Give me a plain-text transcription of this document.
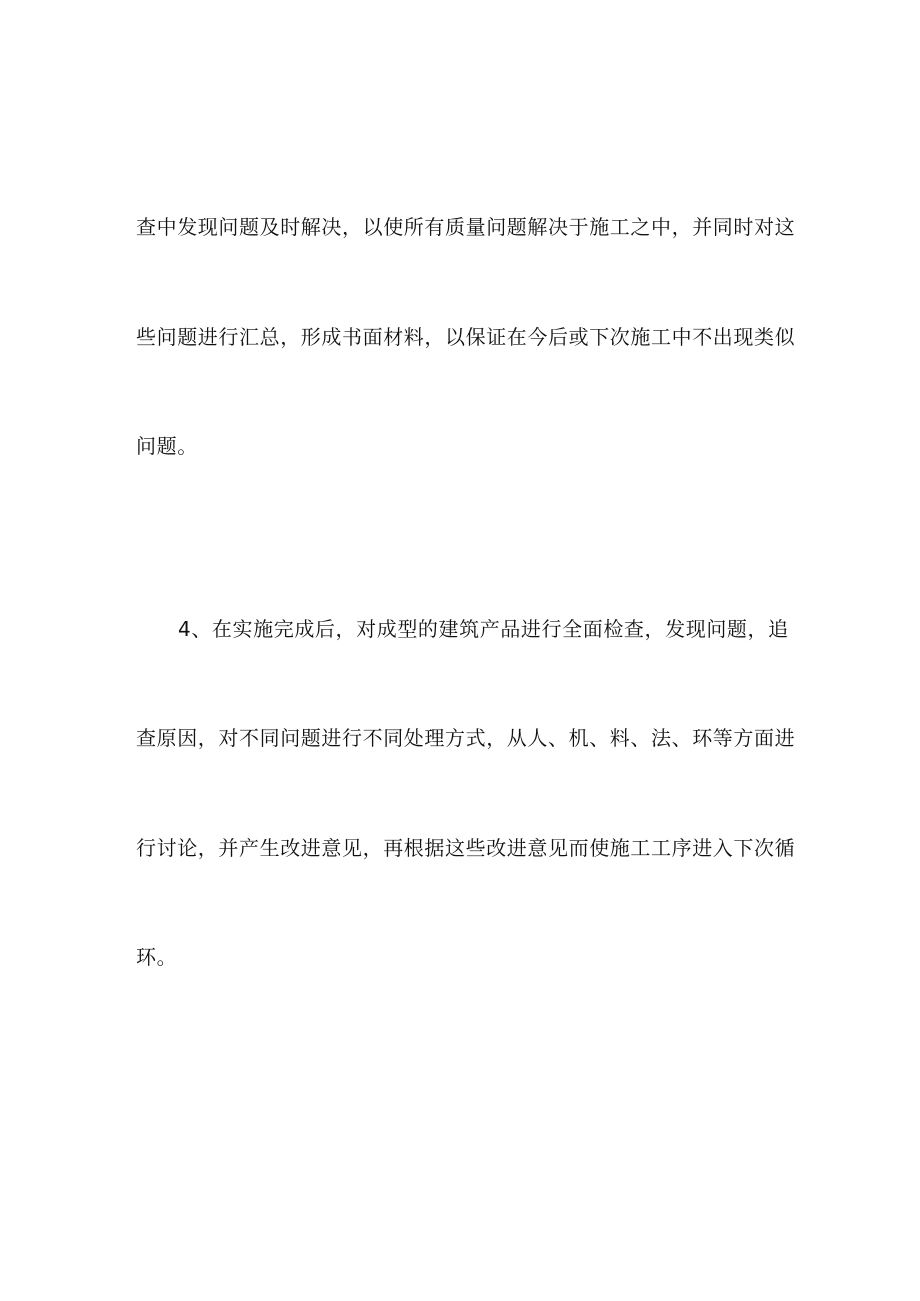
查中发现问题及时解决，以使所有质量问题解决于施工之中，并同时对这

些问题进行汇总，形成书面材料，以保证在今后或下次施工中不出现类似

问题。

4、在实施完成后，对成型的建筑产品进行全面检查，发现问题，追

查原因，对不同问题进行不同处理方式，从人、机、料、法、环等方面进

行讨论，并产生改进意见，再根据这些改进意见而使施工工序进入下次循

环。
